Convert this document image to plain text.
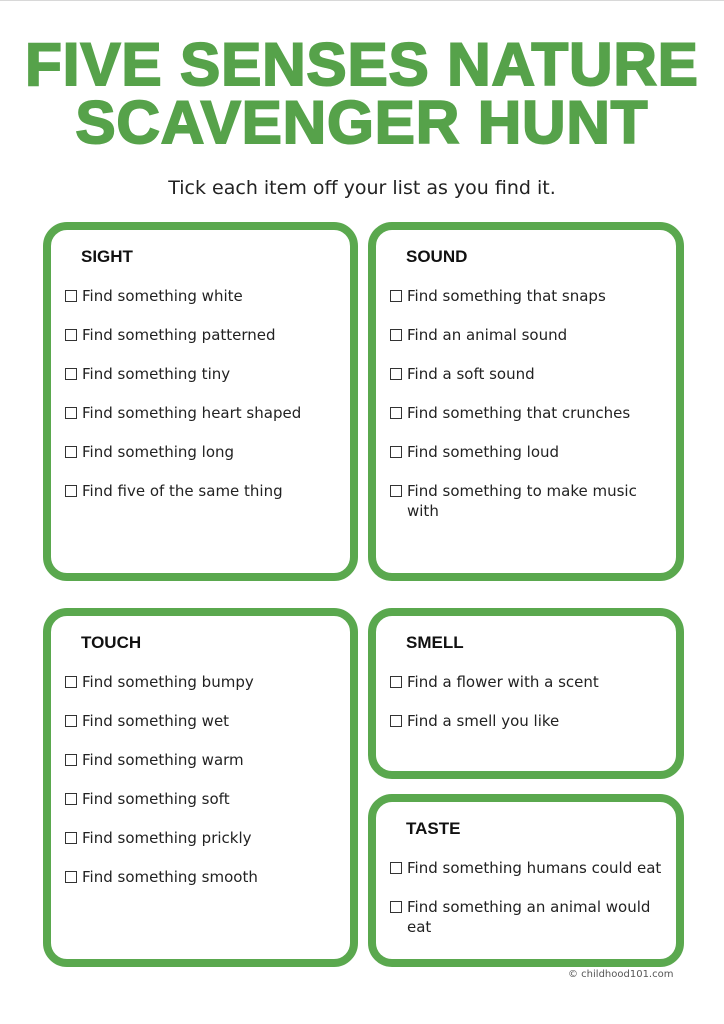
FIVE SENSES NATURE
SCAVENGER HUNT
Tick each item off your list as you find it.
SIGHT
Find something white
Find something patterned
Find something tiny
Find something heart shaped
Find something long
Find five of the same thing
SOUND
Find something that snaps
Find an animal sound
Find a soft sound
Find something that crunches
Find something loud
Find something to make music with
TOUCH
Find something bumpy
Find something wet
Find something warm
Find something soft
Find something prickly
Find something smooth
SMELL
Find a flower with a scent
Find a smell you like
TASTE
Find something humans could eat
Find something an animal would eat
© childhood101.com
